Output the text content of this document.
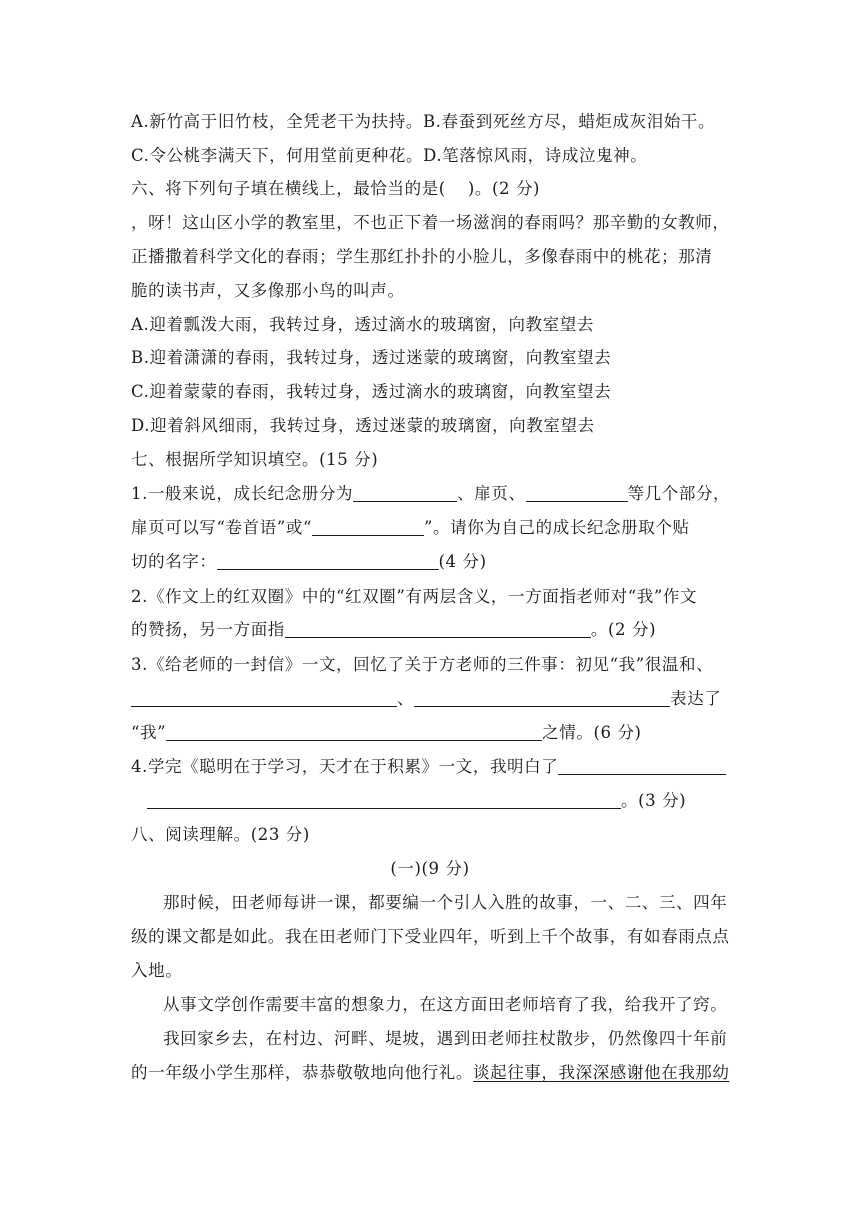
A.新竹高于旧竹枝，全凭老干为扶持。B.春蚕到死丝方尽，蜡炬成灰泪始干。
C.令公桃李满天下，何用堂前更种花。D.笔落惊风雨，诗成泣鬼神。
六、将下列句子填在横线上，最恰当的是( )。(2 分)
，呀！这山区小学的教室里，不也正下着一场滋润的春雨吗？那辛勤的女教师，
正播撒着科学文化的春雨；学生那红扑扑的小脸儿，多像春雨中的桃花；那清
脆的读书声，又多像那小鸟的叫声。
A.迎着瓢泼大雨，我转过身，透过滴水的玻璃窗，向教室望去
B.迎着潇潇的春雨，我转过身，透过迷蒙的玻璃窗，向教室望去
C.迎着蒙蒙的春雨，我转过身，透过滴水的玻璃窗，向教室望去
D.迎着斜风细雨，我转过身，透过迷蒙的玻璃窗，向教室望去
七、根据所学知识填空。(15 分)
1.一般来说，成长纪念册分为	、扉页、	等几个部分，
扉页可以写“卷首语”或“	”。请你为自己的成长纪念册取个贴
切的名字：	(4 分)
2.《作文上的红双圈》中的“红双圈”有两层含义，一方面指老师对“我”作文
的赞扬，另一方面指	。(2 分)
3.《给老师的一封信》一文，回忆了关于方老师的三件事：初见“我”很温和、
、	表达了
“我”	之情。(6 分)
4.学完《聪明在于学习，天才在于积累》一文，我明白了
。(3 分)
八、阅读理解。(23 分)
(一)(9 分)
那时候，田老师每讲一课，都要编一个引人入胜的故事，一、二、三、四年
级的课文都是如此。我在田老师门下受业四年，听到上千个故事，有如春雨点点
入地。
从事文学创作需要丰富的想象力，在这方面田老师培育了我，给我开了窍。
我回家乡去，在村边、河畔、堤坡，遇到田老师拄杖散步，仍然像四十年前
的一年级小学生那样，恭恭敬敬地向他行礼。谈起往事，我深深感谢他在我那幼
